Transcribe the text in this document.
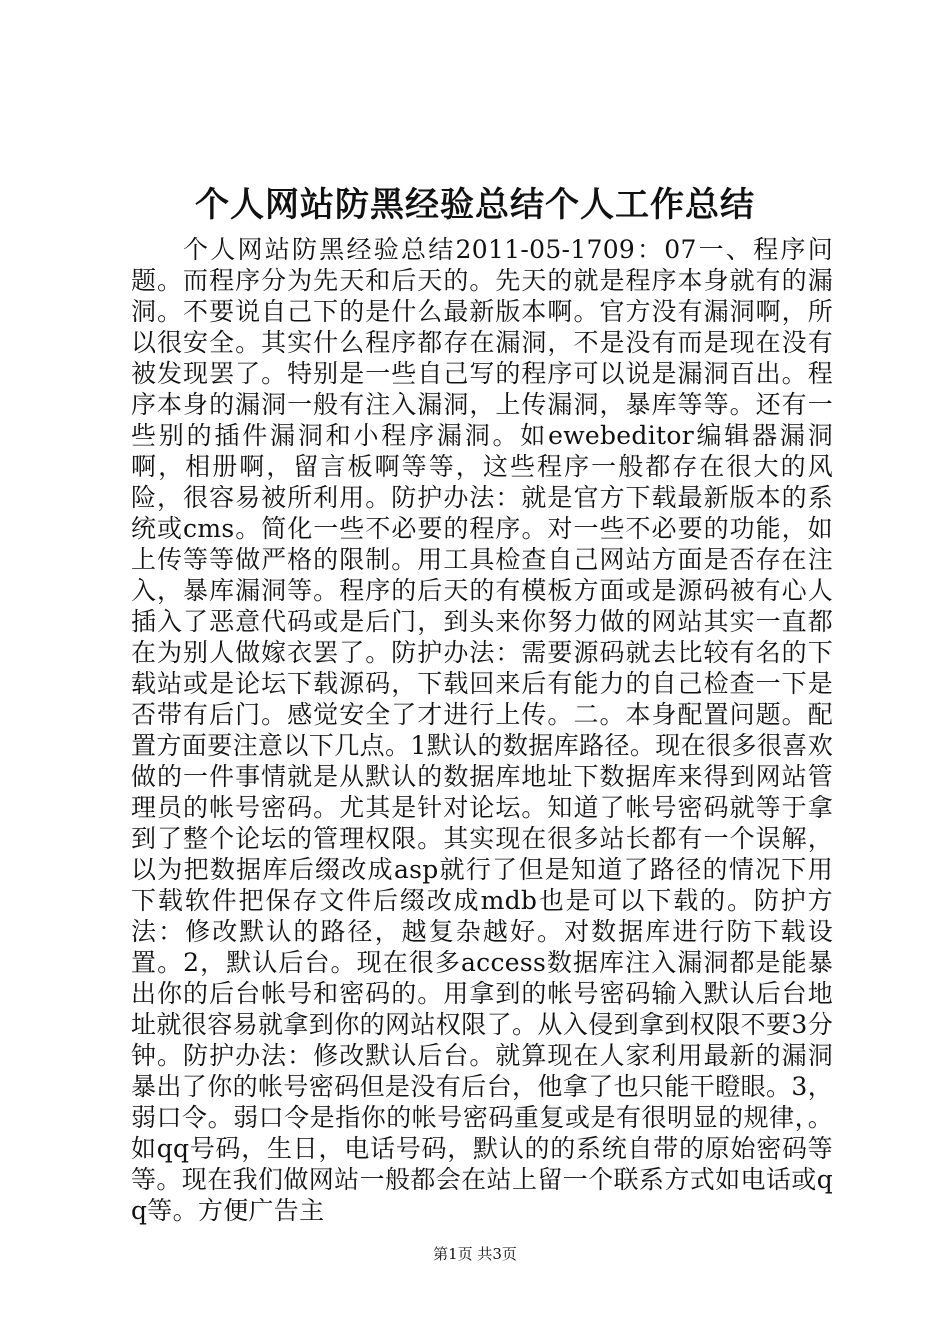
个人网站防黑经验总结个人工作总结

个人网站防黑经验总结2011-05-1709：07一、程序问题。而程序分为先天和后天的。先天的就是程序本身就有的漏洞。不要说自己下的是什么最新版本啊。官方没有漏洞啊，所以很安全。其实什么程序都存在漏洞，不是没有而是现在没有被发现罢了。特别是一些自己写的程序可以说是漏洞百出。程序本身的漏洞一般有注入漏洞，上传漏洞，暴库等等。还有一些别的插件漏洞和小程序漏洞。如ewebeditor编辑器漏洞啊，相册啊，留言板啊等等，这些程序一般都存在很大的风险，很容易被所利用。防护办法：就是官方下载最新版本的系统或cms。简化一些不必要的程序。对一些不必要的功能，如上传等等做严格的限制。用工具检查自己网站方面是否存在注入，暴库漏洞等。程序的后天的有模板方面或是源码被有心人插入了恶意代码或是后门，到头来你努力做的网站其实一直都在为别人做嫁衣罢了。防护办法：需要源码就去比较有名的下载站或是论坛下载源码，下载回来后有能力的自己检查一下是否带有后门。感觉安全了才进行上传。二。本身配置问题。配置方面要注意以下几点。1默认的数据库路径。现在很多很喜欢做的一件事情就是从默认的数据库地址下数据库来得到网站管理员的帐号密码。尤其是针对论坛。知道了帐号密码就等于拿到了整个论坛的管理权限。其实现在很多站长都有一个误解，以为把数据库后缀改成asp就行了但是知道了路径的情况下用下载软件把保存文件后缀改成mdb也是可以下载的。防护方法：修改默认的路径，越复杂越好。对数据库进行防下载设置。2，默认后台。现在很多access数据库注入漏洞都是能暴出你的后台帐号和密码的。用拿到的帐号密码输入默认后台地址就很容易就拿到你的网站权限了。从入侵到拿到权限不要3分钟。防护办法：修改默认后台。就算现在人家利用最新的漏洞暴出了你的帐号密码但是没有后台，他拿了也只能干瞪眼。3，弱口令。弱口令是指你的帐号密码重复或是有很明显的规律，。如qq号码，生日，电话号码，默认的的系统自带的原始密码等等。现在我们做网站一般都会在站上留一个联系方式如电话或qq等。方便广告主

第1页 共3页
